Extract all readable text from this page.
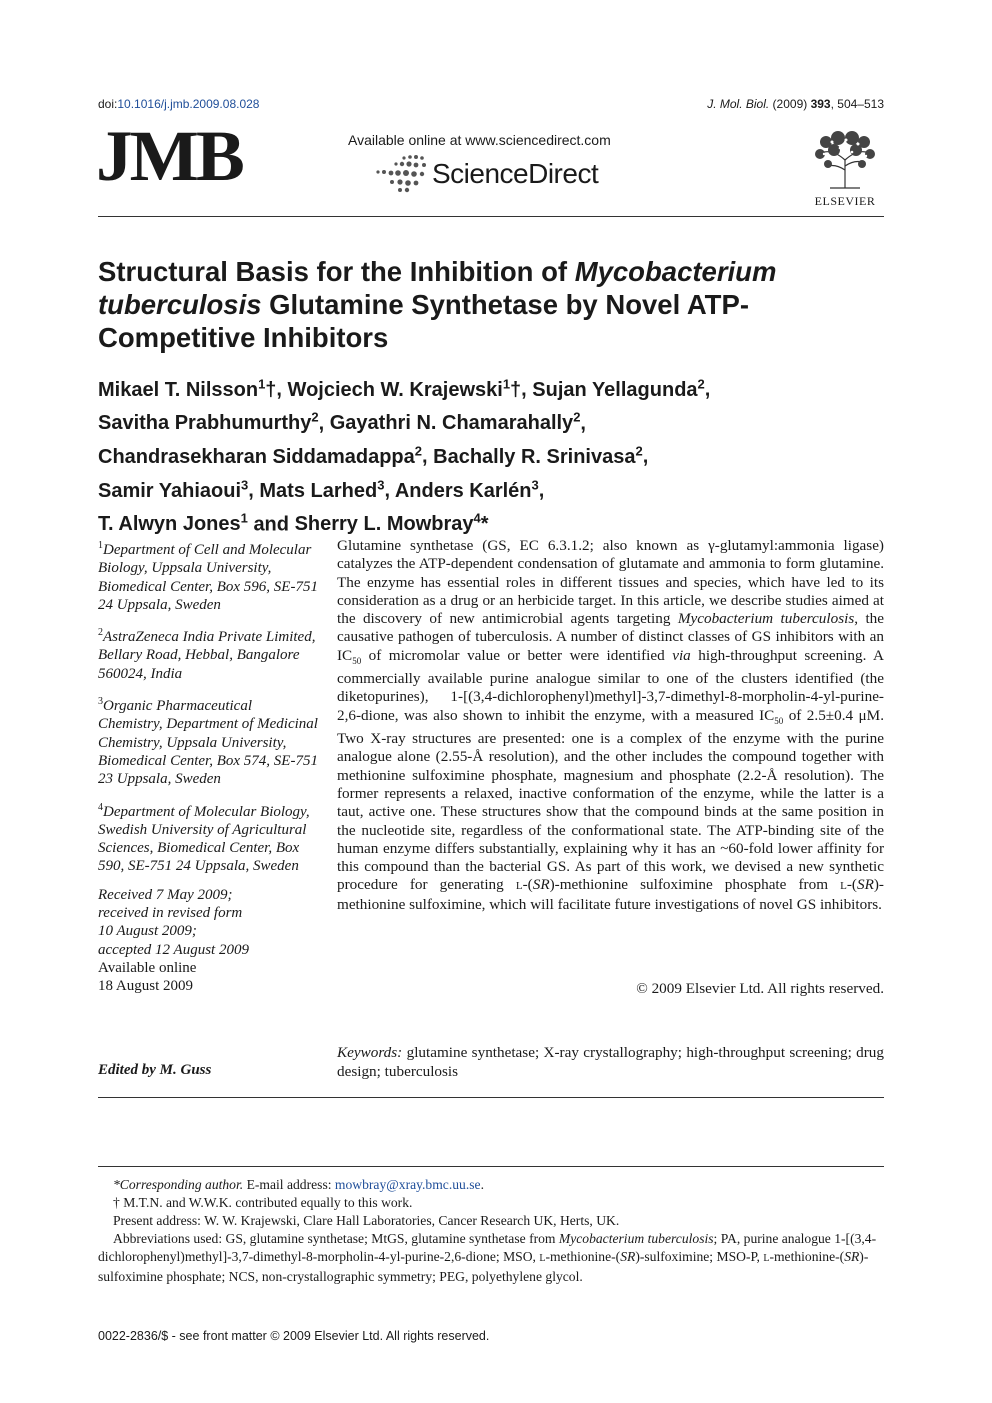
doi:10.1016/j.jmb.2009.08.028	J. Mol. Biol. (2009) 393, 504–513
JMB	Available online at www.sciencedirect.com
ScienceDirect
ELSEVIER
Structural Basis for the Inhibition of Mycobacterium tuberculosis Glutamine Synthetase by Novel ATP-Competitive Inhibitors
Mikael T. Nilsson$^1$†, Wojciech W. Krajewski$^1$†, Sujan Yellagunda$^2$,
Savitha Prabhumurthy$^2$, Gayathri N. Chamarahally$^2$,
Chandrasekharan Siddamadappa$^2$, Bachally R. Srinivasa$^2$,
Samir Yahiaoui$^3$, Mats Larhed$^3$, Anders Karlén$^3$,
T. Alwyn Jones$^1$ and Sherry L. Mowbray$^4$*
$^1$Department of Cell and Molecular Biology, Uppsala University, Biomedical Center, Box 596, SE-751 24 Uppsala, Sweden
$^2$AstraZeneca India Private Limited, Bellary Road, Hebbal, Bangalore 560024, India
$^3$Organic Pharmaceutical Chemistry, Department of Medicinal Chemistry, Uppsala University, Biomedical Center, Box 574, SE-751 23 Uppsala, Sweden
$^4$Department of Molecular Biology, Swedish University of Agricultural Sciences, Biomedical Center, Box 590, SE-751 24 Uppsala, Sweden
Received 7 May 2009;
received in revised form
10 August 2009;
accepted 12 August 2009
Available online
18 August 2009
Edited by M. Guss
Glutamine synthetase (GS, EC 6.3.1.2; also known as γ-glutamyl:ammonia ligase) catalyzes the ATP-dependent condensation of glutamate and ammonia to form glutamine. The enzyme has essential roles in different tissues and species, which have led to its consideration as a drug or an herbicide target. In this article, we describe studies aimed at the discovery of new antimicrobial agents targeting Mycobacterium tuberculosis, the causative pathogen of tuberculosis. A number of distinct classes of GS inhibitors with an $IC_{50}$ of micromolar value or better were identified via high-throughput screening. A commercially available purine analogue similar to one of the clusters identified (the diketopurines), 1-[(3,4-dichlorophenyl)methyl]-3,7-dimethyl-8-morpholin-4-yl-purine-2,6-dione, was also shown to inhibit the enzyme, with a measured $IC_{50}$ of 2.5±0.4 μM. Two X-ray structures are presented: one is a complex of the enzyme with the purine analogue alone (2.55-Å resolution), and the other includes the compound together with methionine sulfoximine phosphate, magnesium and phosphate (2.2-Å resolution). The former represents a relaxed, inactive conformation of the enzyme, while the latter is a taut, active one. These structures show that the compound binds at the same position in the nucleotide site, regardless of the conformational state. The ATP-binding site of the human enzyme differs substantially, explaining why it has an ~60-fold lower affinity for this compound than the bacterial GS. As part of this work, we devised a new synthetic procedure for generating L-(SR)-methionine sulfoximine phosphate from L-(SR)-methionine sulfoximine, which will facilitate future investigations of novel GS inhibitors.
© 2009 Elsevier Ltd. All rights reserved.
Keywords: glutamine synthetase; X-ray crystallography; high-throughput screening; drug design; tuberculosis
*Corresponding author. E-mail address: mowbray@xray.bmc.uu.se.
† M.T.N. and W.W.K. contributed equally to this work.
Present address: W. W. Krajewski, Clare Hall Laboratories, Cancer Research UK, Herts, UK.
Abbreviations used: GS, glutamine synthetase; MtGS, glutamine synthetase from Mycobacterium tuberculosis; PA, purine analogue 1-[(3,4-dichlorophenyl)methyl]-3,7-dimethyl-8-morpholin-4-yl-purine-2,6-dione; MSO, L-methionine-(SR)-sulfoximine; MSO-P, L-methionine-(SR)-sulfoximine phosphate; NCS, non-crystallographic symmetry; PEG, polyethylene glycol.
0022-2836/$ - see front matter © 2009 Elsevier Ltd. All rights reserved.
